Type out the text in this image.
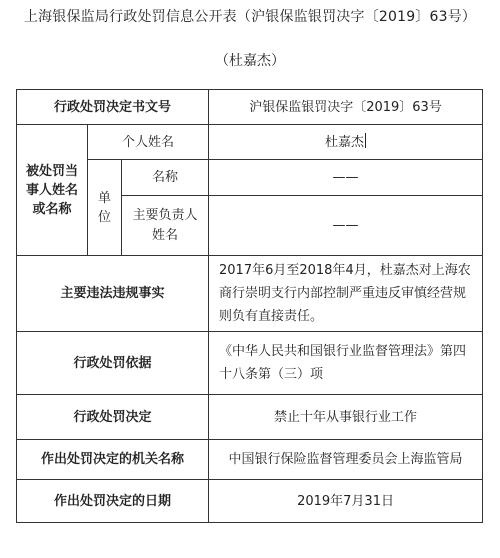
上海银保监局行政处罚信息公开表（沪银保监银罚决字〔2019〕63号）
（杜嘉杰）
行政处罚决定书文号			沪银保监银罚决字〔2019〕63号
被处罚当事人姓名或名称	个人姓名		杜嘉杰
	单位	名称	——
		主要负责人姓名	——
主要违法违规事实			2017年6月至2018年4月，杜嘉杰对上海农商行崇明支行内部控制严重违反审慎经营规则负有直接责任。
行政处罚依据			《中华人民共和国银行业监督管理法》第四十八条第（三）项
行政处罚决定			禁止十年从事银行业工作
作出处罚决定的机关名称			中国银行保险监督管理委员会上海监管局
作出处罚决定的日期			2019年7月31日
